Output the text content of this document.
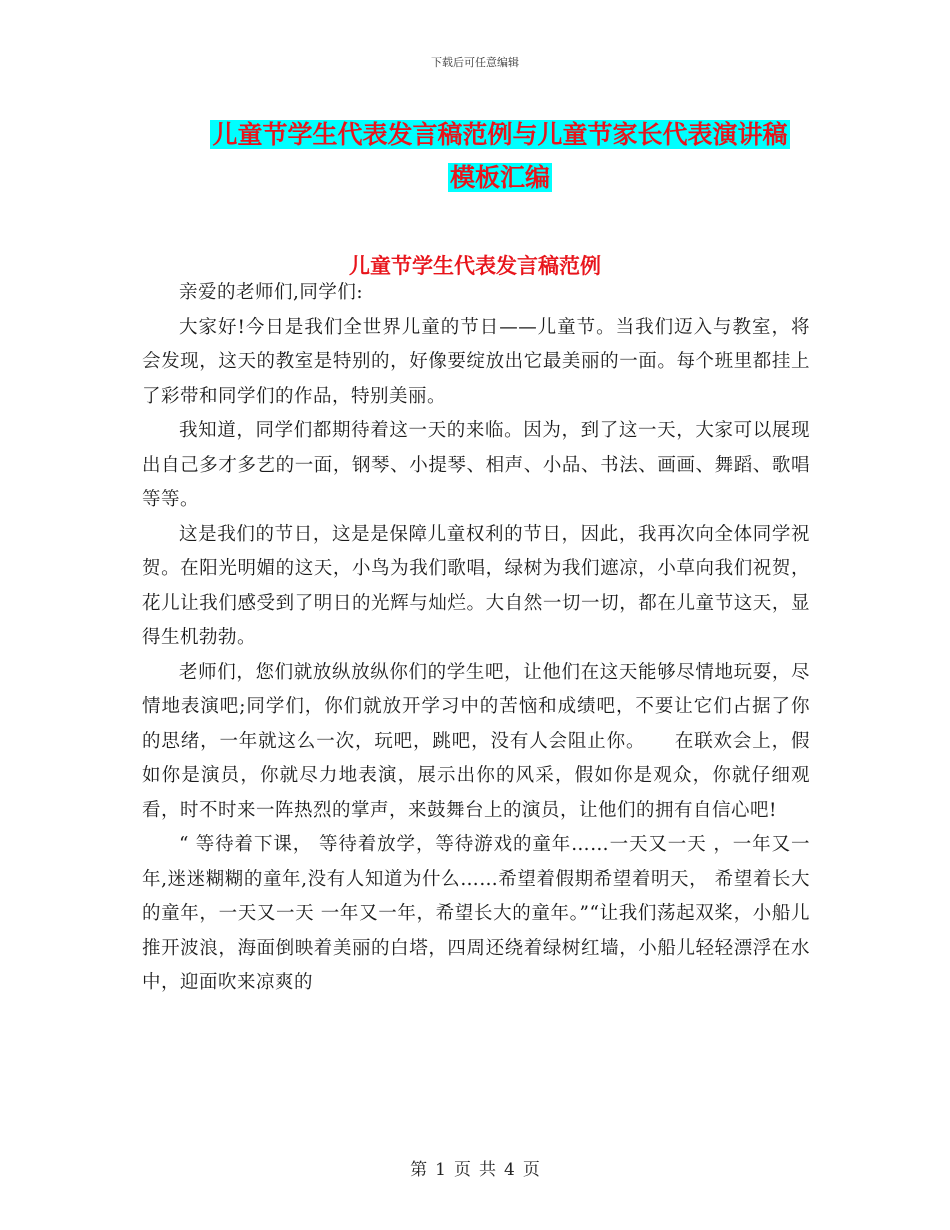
下载后可任意编辑
儿童节学生代表发言稿范例与儿童节家长代表演讲稿
模板汇编
儿童节学生代表发言稿范例

亲爱的老师们,同学们:

大家好!今日是我们全世界儿童的节日——儿童节。当我们迈入与教室，将会发现，这天的教室是特别的，好像要绽放出它最美丽的一面。每个班里都挂上了彩带和同学们的作品，特别美丽。

我知道，同学们都期待着这一天的来临。因为，到了这一天，大家可以展现出自己多才多艺的一面，钢琴、小提琴、相声、小品、书法、画画、舞蹈、歌唱等等。

这是我们的节日，这是是保障儿童权利的节日，因此，我再次向全体同学祝贺。在阳光明媚的这天，小鸟为我们歌唱，绿树为我们遮凉，小草向我们祝贺，花儿让我们感受到了明日的光辉与灿烂。大自然一切一切，都在儿童节这天，显得生机勃勃。

老师们，您们就放纵放纵你们的学生吧，让他们在这天能够尽情地玩耍，尽情地表演吧;同学们，你们就放开学习中的苦恼和成绩吧，不要让它们占据了你的思绪，一年就这么一次，玩吧，跳吧，没有人会阻止你。　　在联欢会上，假如你是演员，你就尽力地表演，展示出你的风采，假如你是观众，你就仔细观看，时不时来一阵热烈的掌声，来鼓舞台上的演员，让他们的拥有自信心吧!

“ 等待着下课， 等待着放学，等待游戏的童年……一天又一天 ，一年又一年,迷迷糊糊的童年,没有人知道为什么……希望着假期希望着明天， 希望着长大的童年，一天又一天 一年又一年，希望长大的童年。”“让我们荡起双桨，小船儿推开波浪，海面倒映着美丽的白塔，四周还绕着绿树红墙，小船儿轻轻漂浮在水中，迎面吹来凉爽的

第 1 页 共 4 页
